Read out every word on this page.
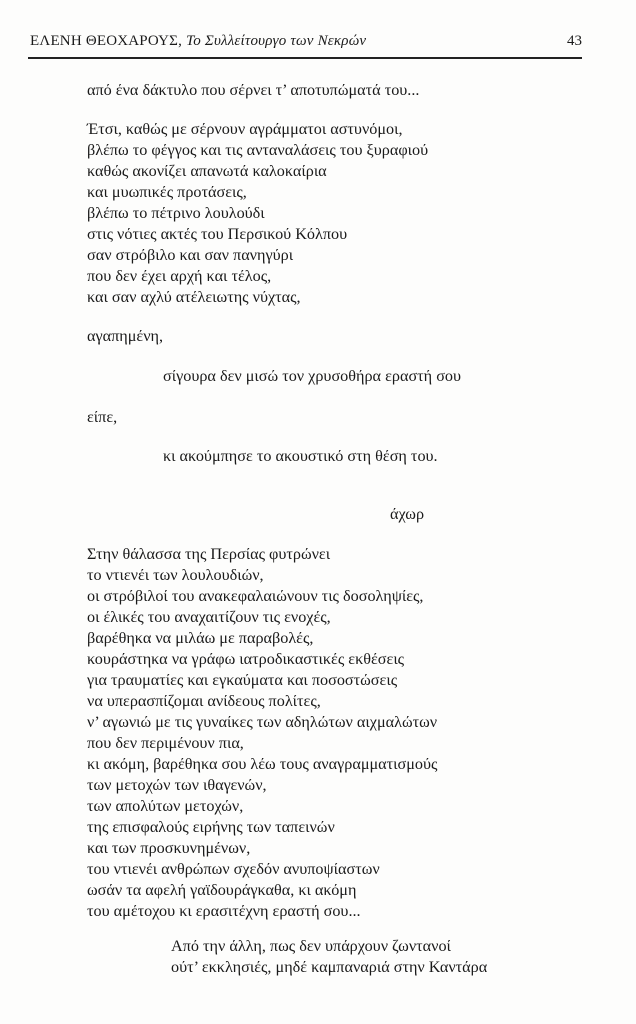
ΕΛΕΝΗ ΘΕΟΧΑΡΟΥΣ, Το Συλλείτουργο των Νεκρών	43
από ένα δάκτυλο που σέρνει τ’ αποτυπώματά του...
Έτσι, καθώς με σέρνουν αγράμματοι αστυνόμοι,
βλέπω το φέγγος και τις ανταναλάσεις του ξυραφιού
καθώς ακονίζει απανωτά καλοκαίρια
και μυωπικές προτάσεις,
βλέπω το πέτρινο λουλούδι
στις νότιες ακτές του Περσικού Κόλπου
σαν στρόβιλο και σαν πανηγύρι
που δεν έχει αρχή και τέλος,
και σαν αχλύ ατέλειωτης νύχτας,
αγαπημένη,
σίγουρα δεν μισώ τον χρυσοθήρα εραστή σου
είπε,
κι ακούμπησε το ακουστικό στη θέση του.
άχωρ
Στην θάλασσα της Περσίας φυτρώνει
το ντιενέι των λουλουδιών,
οι στρόβιλοί του ανακεφαλαιώνουν τις δοσοληψίες,
οι έλικές του αναχαιτίζουν τις ενοχές,
βαρέθηκα να μιλάω με παραβολές,
κουράστηκα να γράφω ιατροδικαστικές εκθέσεις
για τραυματίες και εγκαύματα και ποσοστώσεις
να υπερασπίζομαι ανίδεους πολίτες,
ν’ αγωνιώ με τις γυναίκες των αδηλώτων αιχμαλώτων
που δεν περιμένουν πια,
κι ακόμη, βαρέθηκα σου λέω τους αναγραμματισμούς
των μετοχών των ιθαγενών,
των απολύτων μετοχών,
της επισφαλούς ειρήνης των ταπεινών
και των προσκυνημένων,
του ντιενέι ανθρώπων σχεδόν ανυποψίαστων
ωσάν τα αφελή γαϊδουράγκαθα, κι ακόμη
του αμέτοχου κι ερασιτέχνη εραστή σου...
Από την άλλη, πως δεν υπάρχουν ζωντανοί
ούτ’ εκκλησιές, μηδέ καμπαναριά στην Καντάρα
